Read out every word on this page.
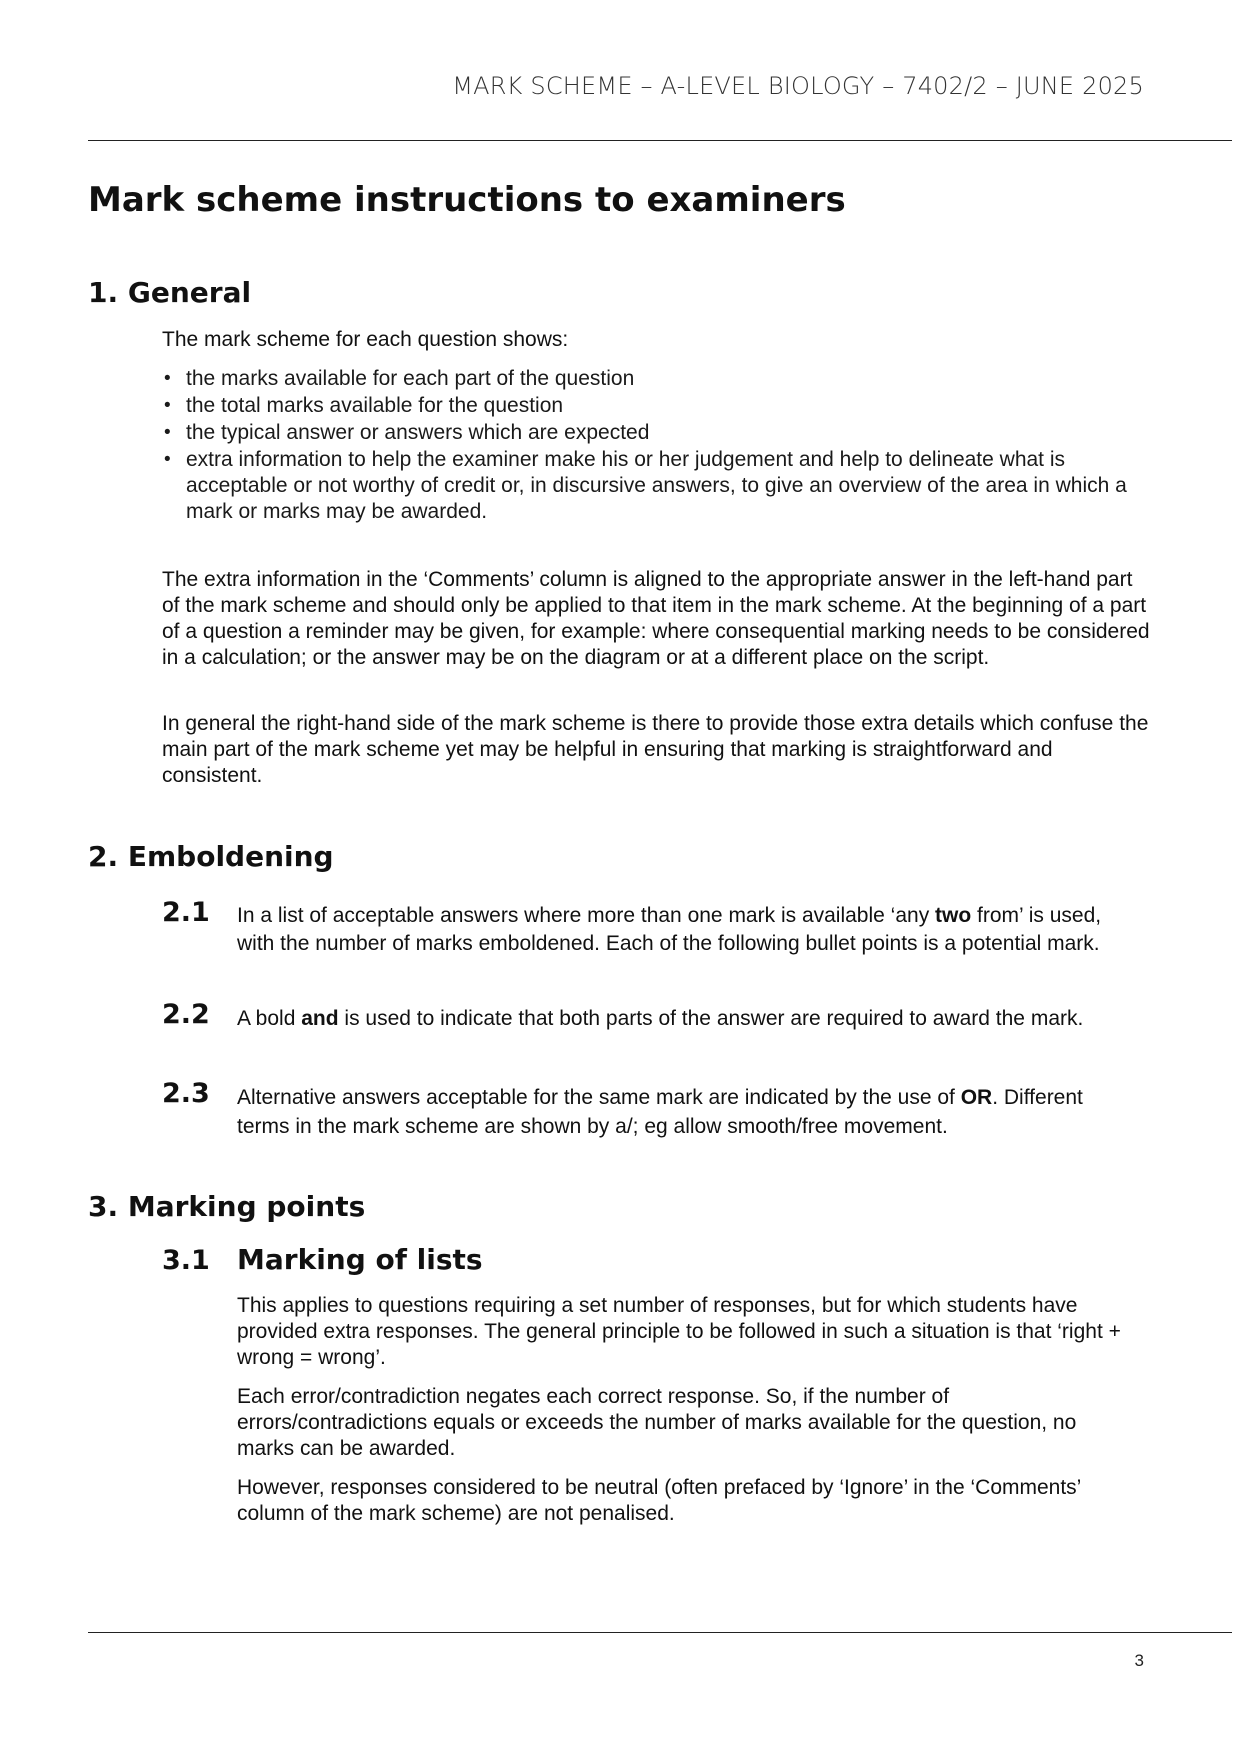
MARK SCHEME – A-LEVEL BIOLOGY – 7402/2 – JUNE 2025
Mark scheme instructions to examiners
1. General
The mark scheme for each question shows:
• the marks available for each part of the question
• the total marks available for the question
• the typical answer or answers which are expected
• extra information to help the examiner make his or her judgement and help to delineate what is acceptable or not worthy of credit or, in discursive answers, to give an overview of the area in which a mark or marks may be awarded.
The extra information in the ‘Comments’ column is aligned to the appropriate answer in the left-hand part of the mark scheme and should only be applied to that item in the mark scheme. At the beginning of a part of a question a reminder may be given, for example: where consequential marking needs to be considered in a calculation; or the answer may be on the diagram or at a different place on the script.
In general the right-hand side of the mark scheme is there to provide those extra details which confuse the main part of the mark scheme yet may be helpful in ensuring that marking is straightforward and consistent.
2. Emboldening
2.1 In a list of acceptable answers where more than one mark is available ‘any two from’ is used, with the number of marks emboldened. Each of the following bullet points is a potential mark.
2.2 A bold and is used to indicate that both parts of the answer are required to award the mark.
2.3 Alternative answers acceptable for the same mark are indicated by the use of OR. Different terms in the mark scheme are shown by a/; eg allow smooth/free movement.
3. Marking points
3.1 Marking of lists
This applies to questions requiring a set number of responses, but for which students have provided extra responses. The general principle to be followed in such a situation is that ‘right + wrong = wrong’.
Each error/contradiction negates each correct response. So, if the number of errors/contradictions equals or exceeds the number of marks available for the question, no marks can be awarded.
However, responses considered to be neutral (often prefaced by ‘Ignore’ in the ‘Comments’ column of the mark scheme) are not penalised.
3
